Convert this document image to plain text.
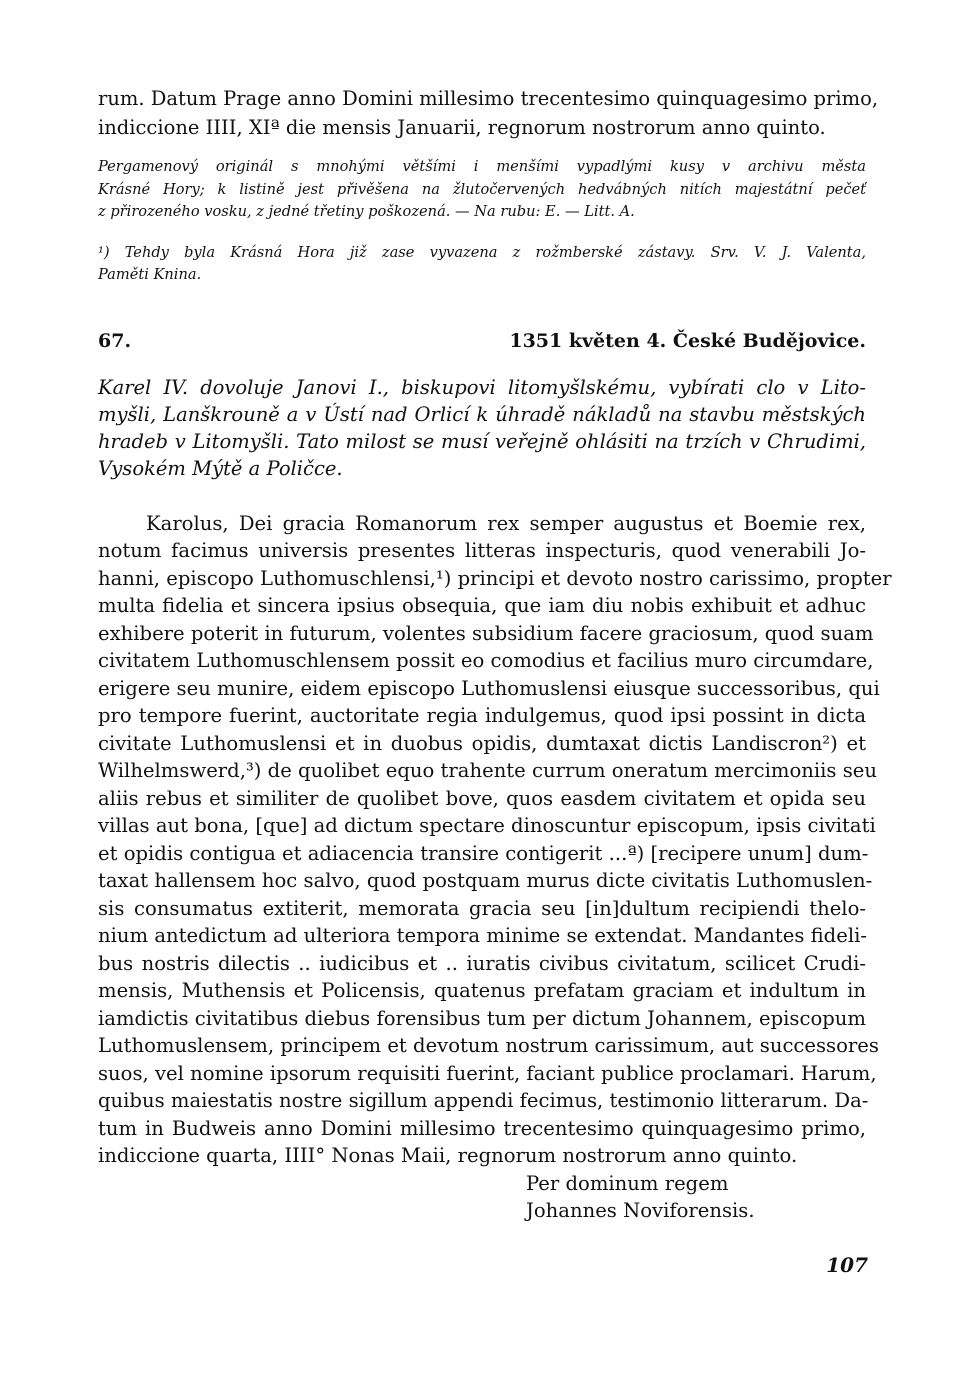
rum. Datum Prage anno Domini millesimo trecentesimo quinquagesimo primo,

indiccione IIII, XIª die mensis Januarii, regnorum nostrorum anno quinto.

Pergamenový originál s mnohými většími i menšími vypadlými kusy v archivu města

Krásné Hory; k listině jest přivěšena na žlutočervených hedvábných nitích majestátní pečeť

z přirozeného vosku, z jedné třetiny poškozená. — Na rubu: E. — Litt. A.

¹) Tehdy byla Krásná Hora již zase vyvazena z rožmberské zástavy. Srv. V. J. Valenta,

Paměti Knina.

67.	1351 květen 4. České Budějovice.

Karel IV. dovoluje Janovi I., biskupovi litomyšlskému, vybírati clo v Lito-

myšli, Lanškrouně a v Ústí nad Orlicí k úhradě nákladů na stavbu městských

hradeb v Litomyšli. Tato milost se musí veřejně ohlásiti na trzích v Chrudimi,

Vysokém Mýtě a Poličce.

Karolus, Dei gracia Romanorum rex semper augustus et Boemie rex,

notum facimus universis presentes litteras inspecturis, quod venerabili Jo-

hanni, episcopo Luthomuschlensi,¹) principi et devoto nostro carissimo, propter

multa fidelia et sincera ipsius obsequia, que iam diu nobis exhibuit et adhuc

exhibere poterit in futurum, volentes subsidium facere graciosum, quod suam

civitatem Luthomuschlensem possit eo comodius et facilius muro circumdare,

erigere seu munire, eidem episcopo Luthomuslensi eiusque successoribus, qui

pro tempore fuerint, auctoritate regia indulgemus, quod ipsi possint in dicta

civitate Luthomuslensi et in duobus opidis, dumtaxat dictis Landiscron²) et

Wilhelmswerd,³) de quolibet equo trahente currum oneratum mercimoniis seu

aliis rebus et similiter de quolibet bove, quos easdem civitatem et opida seu

villas aut bona, [que] ad dictum spectare dinoscuntur episcopum, ipsis civitati

et opidis contigua et adiacencia transire contigerit ...ª) [recipere unum] dum-

taxat hallensem hoc salvo, quod postquam murus dicte civitatis Luthomuslen-

sis consumatus extiterit, memorata gracia seu [in]dultum recipiendi thelo-

nium antedictum ad ulteriora tempora minime se extendat. Mandantes fideli-

bus nostris dilectis .. iudicibus et .. iuratis civibus civitatum, scilicet Crudi-

mensis, Muthensis et Policensis, quatenus prefatam graciam et indultum in

iamdictis civitatibus diebus forensibus tum per dictum Johannem, episcopum

Luthomuslensem, principem et devotum nostrum carissimum, aut successores

suos, vel nomine ipsorum requisiti fuerint, faciant publice proclamari. Harum,

quibus maiestatis nostre sigillum appendi fecimus, testimonio litterarum. Da-

tum in Budweis anno Domini millesimo trecentesimo quinquagesimo primo,

indiccione quarta, IIII° Nonas Maii, regnorum nostrorum anno quinto.

Per dominum regem
Johannes Noviforensis.
107
